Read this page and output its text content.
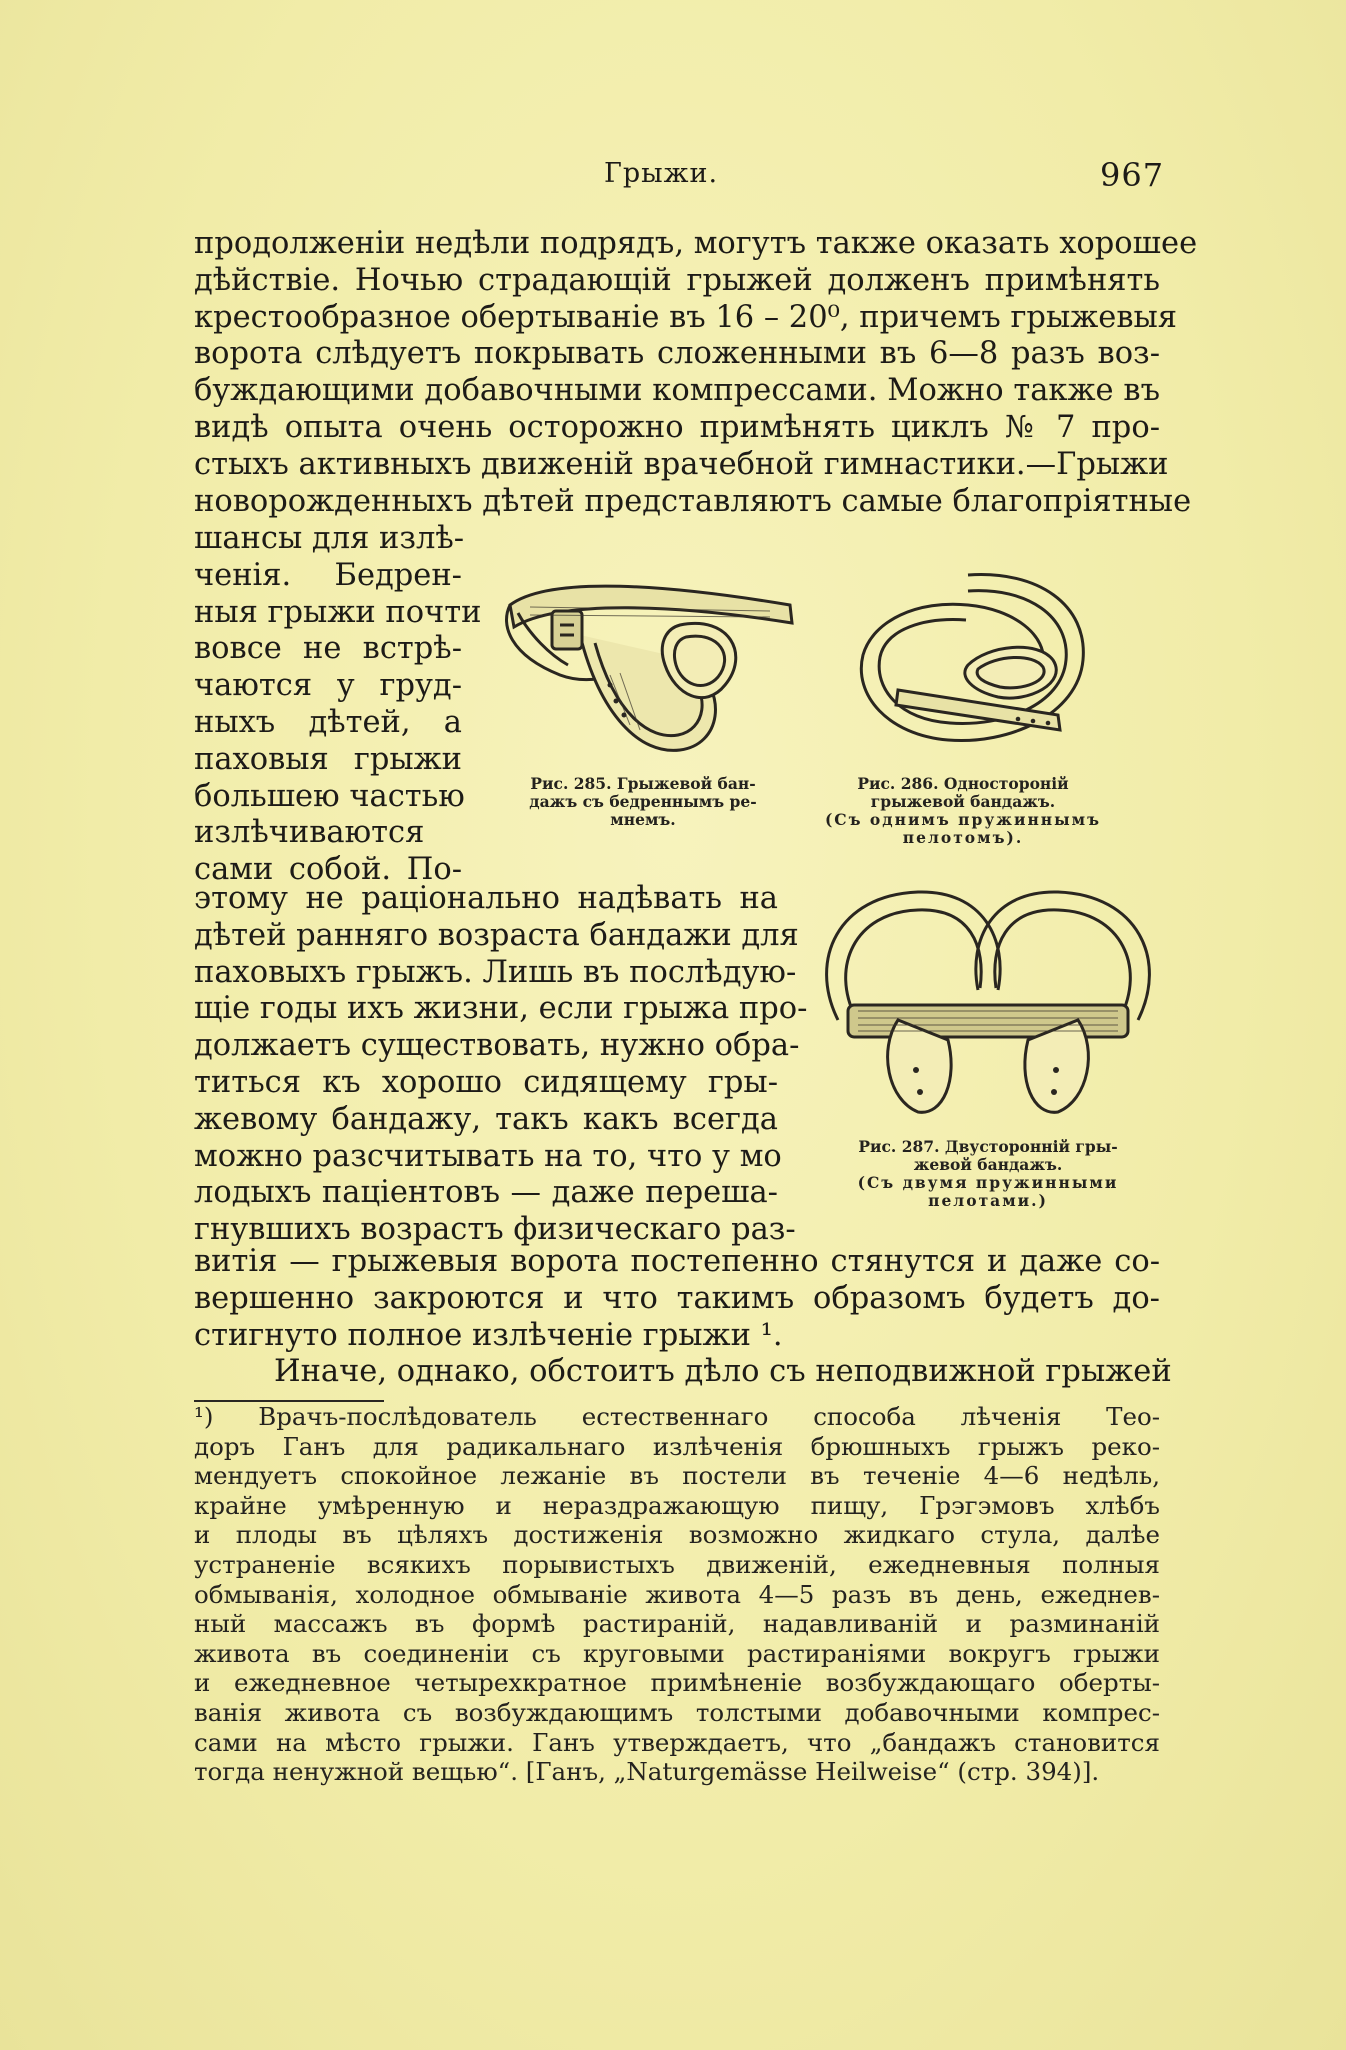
Грыжи.	967
продолженіи недѣли подрядъ, могутъ также оказать хорошее
дѣйствіе. Ночью страдающій грыжей долженъ примѣнять
крестообразное обертываніе въ 16 – 20⁰, причемъ грыжевыя
ворота слѣдуетъ покрывать сложенными въ 6—8 разъ воз-
буждающими добавочными компрессами. Можно также въ
видѣ опыта очень осторожно примѣнять циклъ № 7 про-
стыхъ активныхъ движеній врачебной гимнастики.—Грыжи
новорожденныхъ дѣтей представляютъ самые благопріятные
шансы для излѣ-
ченія. Бедрен-
ныя грыжи почти
вовсе не встрѣ-
чаются у груд-
ныхъ дѣтей, а
паховыя грыжи
большею частью
излѣчиваются
сами собой. По-
этому не раціонально надѣвать на
дѣтей ранняго возраста бандажи для
паховыхъ грыжъ. Лишь въ послѣдую-
щіе годы ихъ жизни, если грыжа про-
должаетъ существовать, нужно обра-
титься къ хорошо сидящему гры-
жевому бандажу, такъ какъ всегда
можно разсчитывать на то, что у мо
лодыхъ паціентовъ — даже переша-
гнувшихъ возрастъ физическаго раз-
витія — грыжевыя ворота постепенно стянутся и даже со-
вершенно закроются и что такимъ образомъ будетъ до-
стигнуто полное излѣченіе грыжи ¹.
Иначе, однако, обстоитъ дѣло съ неподвижной грыжей
Рис. 285. Грыжевой бан-
дажъ съ бедреннымъ ре-
мнемъ.
Рис. 286. Односторонiй
грыжевой бандажъ.
(Съ однимъ пружиннымъ
пелотомъ).
Рис. 287. Двустороннiй гры-
жевой бандажъ.
(Съ двумя пружинными
пелотами.)
¹) Врачъ-послѣдователь естественнаго способа лѣченія Тео-
доръ Ганъ для радикальнаго излѣченія брюшныхъ грыжъ реко-
мендуетъ спокойное лежаніе въ постели въ теченіе 4—6 недѣль,
крайне умѣренную и нераздражающую пищу, Грэгэмовъ хлѣбъ
и плоды въ цѣляхъ достиженія возможно жидкаго стула, далѣе
устраненіе всякихъ порывистыхъ движеній, ежедневныя полныя
обмыванія, холодное обмываніе живота 4—5 разъ въ день, ежеднев-
ный массажъ въ формѣ растираній, надавливаній и разминаній
живота въ соединеніи съ круговыми растираніями вокругъ грыжи
и ежедневное четырехкратное примѣненіе возбуждающаго оберты-
ванія живота съ возбуждающимъ толстыми добавочными компрес-
сами на мѣсто грыжи. Ганъ утверждаетъ, что „бандажъ становится
тогда ненужной вещью“. [Ганъ, „Naturgemässe Heilweise“ (стр. 394)].
